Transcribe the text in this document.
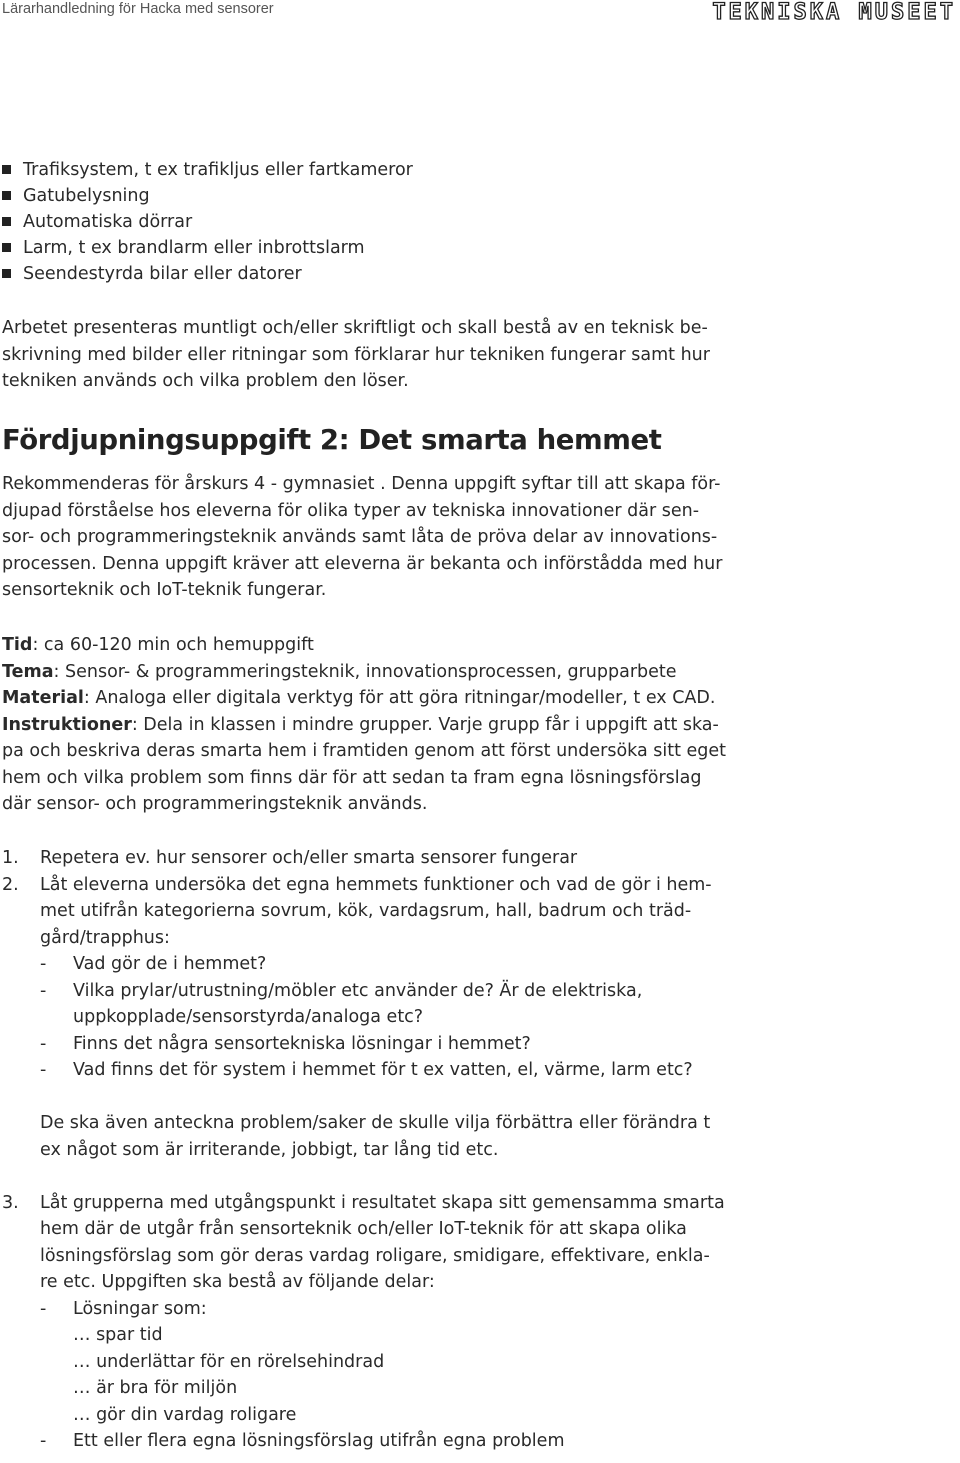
Lärarhandledning för Hacka med sensorer	TEKNISKA MUSEET
Trafiksystem, t ex trafikljus eller fartkameror
Gatubelysning
Automatiska dörrar
Larm, t ex brandlarm eller inbrottslarm
Seendestyrda bilar eller datorer
Arbetet presenteras muntligt och/eller skriftligt och skall bestå av en teknisk be-
skrivning med bilder eller ritningar som förklarar hur tekniken fungerar samt hur
tekniken används och vilka problem den löser.
Fördjupningsuppgift 2: Det smarta hemmet
Rekommenderas för årskurs 4 - gymnasiet . Denna uppgift syftar till att skapa för-
djupad förståelse hos eleverna för olika typer av tekniska innovationer där sen-
sor- och programmeringsteknik används samt låta de pröva delar av innovations-
processen. Denna uppgift kräver att eleverna är bekanta och införstådda med hur
sensorteknik och IoT-teknik fungerar.
Tid: ca 60-120 min och hemuppgift
Tema: Sensor- & programmeringsteknik, innovationsprocessen, grupparbete
Material: Analoga eller digitala verktyg för att göra ritningar/modeller, t ex CAD.
Instruktioner: Dela in klassen i mindre grupper. Varje grupp får i uppgift att ska-
pa och beskriva deras smarta hem i framtiden genom att först undersöka sitt eget
hem och vilka problem som finns där för att sedan ta fram egna lösningsförslag
där sensor- och programmeringsteknik används.
1. Repetera ev. hur sensorer och/eller smarta sensorer fungerar
2. Låt eleverna undersöka det egna hemmets funktioner och vad de gör i hem-
met utifrån kategorierna sovrum, kök, vardagsrum, hall, badrum och träd-
gård/trapphus:
- Vad gör de i hemmet?
- Vilka prylar/utrustning/möbler etc använder de? Är de elektriska,
uppkopplade/sensorstyrda/analoga etc?
- Finns det några sensortekniska lösningar i hemmet?
- Vad finns det för system i hemmet för t ex vatten, el, värme, larm etc?
De ska även anteckna problem/saker de skulle vilja förbättra eller förändra t
ex något som är irriterande, jobbigt, tar lång tid etc.
3. Låt grupperna med utgångspunkt i resultatet skapa sitt gemensamma smarta
hem där de utgår från sensorteknik och/eller IoT-teknik för att skapa olika
lösningsförslag som gör deras vardag roligare, smidigare, effektivare, enkla-
re etc. Uppgiften ska bestå av följande delar:
- Lösningar som:
… spar tid
… underlättar för en rörelsehindrad
… är bra för miljön
… gör din vardag roligare
- Ett eller flera egna lösningsförslag utifrån egna problem
